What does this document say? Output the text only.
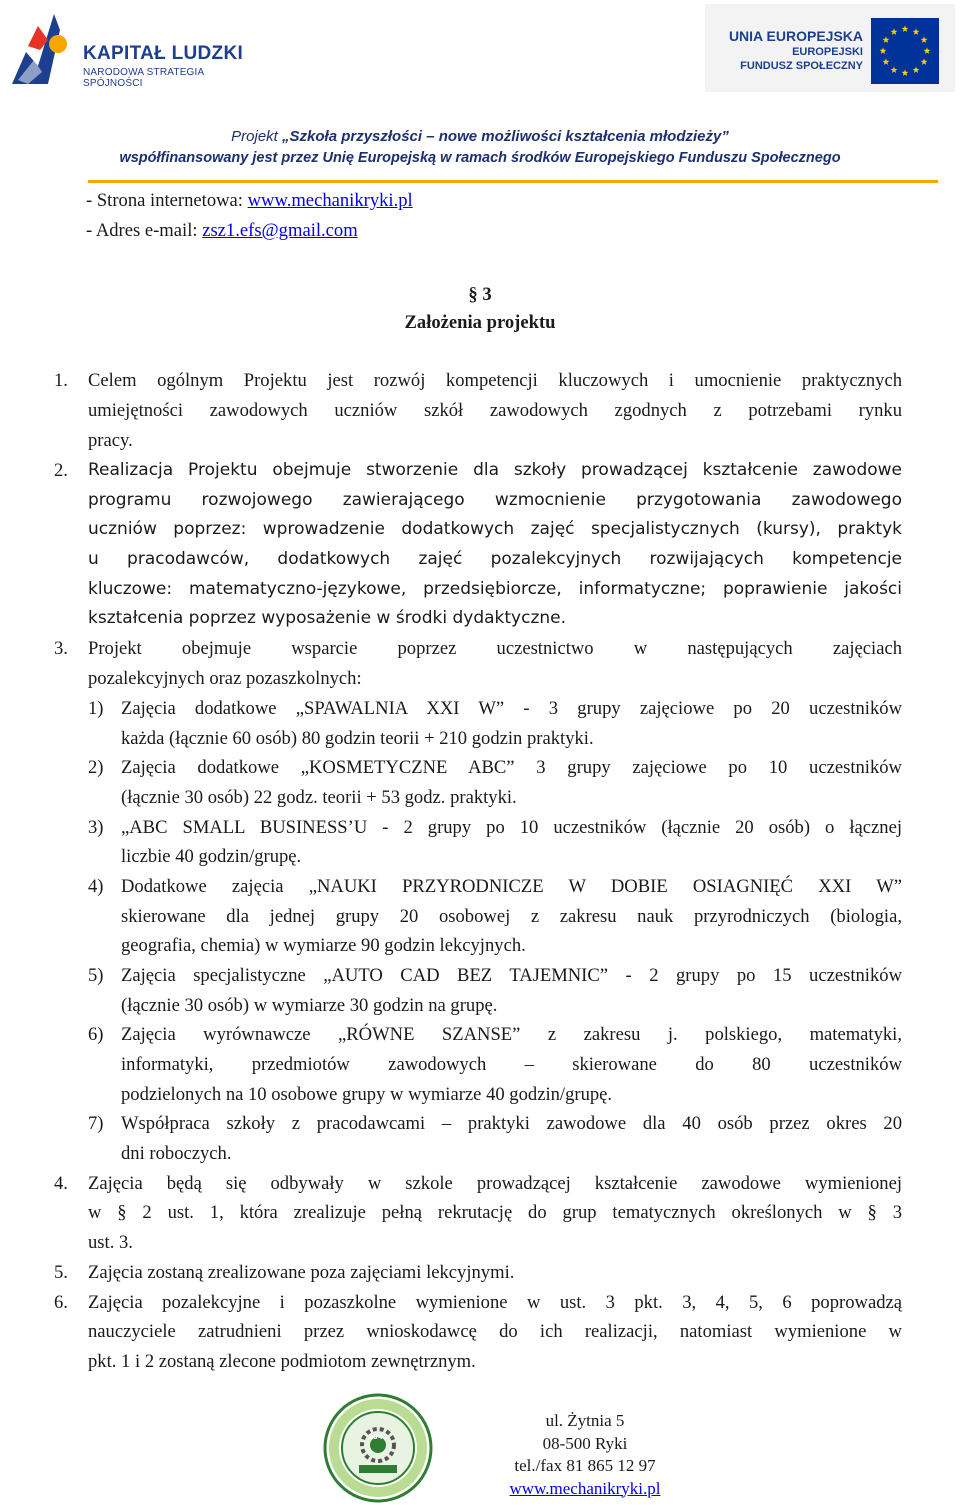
KAPITAŁ LUDZKI
NARODOWA STRATEGIA SPÓJNOŚCI
UNIA EUROPEJSKA
EUROPEJSKI
FUNDUSZ SPOŁECZNY
Projekt „Szkoła przyszłości – nowe możliwości kształcenia młodzieży”
współfinansowany jest przez Unię Europejską w ramach środków Europejskiego Funduszu Społecznego
- Strona internetowa: www.mechanikryki.pl
- Adres e-mail: zsz1.efs@gmail.com
§ 3
Założenia projektu
1. Celem ogólnym Projektu jest rozwój kompetencji kluczowych i umocnienie praktycznych
umiejętności zawodowych uczniów szkół zawodowych zgodnych z potrzebami rynku
pracy.
2. Realizacja Projektu obejmuje stworzenie dla szkoły prowadzącej kształcenie zawodowe
programu rozwojowego zawierającego wzmocnienie przygotowania zawodowego
uczniów poprzez: wprowadzenie dodatkowych zajęć specjalistycznych (kursy), praktyk
u pracodawców, dodatkowych zajęć pozalekcyjnych rozwijających kompetencje
kluczowe: matematyczno-językowe, przedsiębiorcze, informatyczne; poprawienie jakości
kształcenia poprzez wyposażenie w środki dydaktyczne.
3. Projekt obejmuje wsparcie poprzez uczestnictwo w następujących zajęciach
pozalekcyjnych oraz pozaszkolnych:
1) Zajęcia dodatkowe „SPAWALNIA XXI W” - 3 grupy zajęciowe po 20 uczestników
każda (łącznie 60 osób) 80 godzin teorii + 210 godzin praktyki.
2) Zajęcia dodatkowe „KOSMETYCZNE ABC” 3 grupy zajęciowe po 10 uczestników
(łącznie 30 osób) 22 godz. teorii + 53 godz. praktyki.
3) „ABC SMALL BUSINESS’U - 2 grupy po 10 uczestników (łącznie 20 osób) o łącznej
liczbie 40 godzin/grupę.
4) Dodatkowe zajęcia „NAUKI PRZYRODNICZE W DOBIE OSIAGNIĘĆ XXI W”
skierowane dla jednej grupy 20 osobowej z zakresu nauk przyrodniczych (biologia,
geografia, chemia) w wymiarze 90 godzin lekcyjnych.
5) Zajęcia specjalistyczne „AUTO CAD BEZ TAJEMNIC” - 2 grupy po 15 uczestników
(łącznie 30 osób) w wymiarze 30 godzin na grupę.
6) Zajęcia wyrównawcze „RÓWNE SZANSE” z zakresu j. polskiego, matematyki,
informatyki, przedmiotów zawodowych – skierowane do 80 uczestników
podzielonych na 10 osobowe grupy w wymiarze 40 godzin/grupę.
7) Współpraca szkoły z pracodawcami – praktyki zawodowe dla 40 osób przez okres 20
dni roboczych.
4. Zajęcia będą się odbywały w szkole prowadzącej kształcenie zawodowe wymienionej
w § 2 ust. 1, która zrealizuje pełną rekrutację do grup tematycznych określonych w § 3
ust. 3.
5. Zajęcia zostaną zrealizowane poza zajęciami lekcyjnymi.
6. Zajęcia pozalekcyjne i pozaszkolne wymienione w ust. 3 pkt. 3, 4, 5, 6 poprowadzą
nauczyciele zatrudnieni przez wnioskodawcę do ich realizacji, natomiast wymienione w
pkt. 1 i 2 zostaną zlecone podmiotom zewnętrznym.
1947
ul. Żytnia 5
08-500 Ryki
tel./fax 81 865 12 97
www.mechanikryki.pl
